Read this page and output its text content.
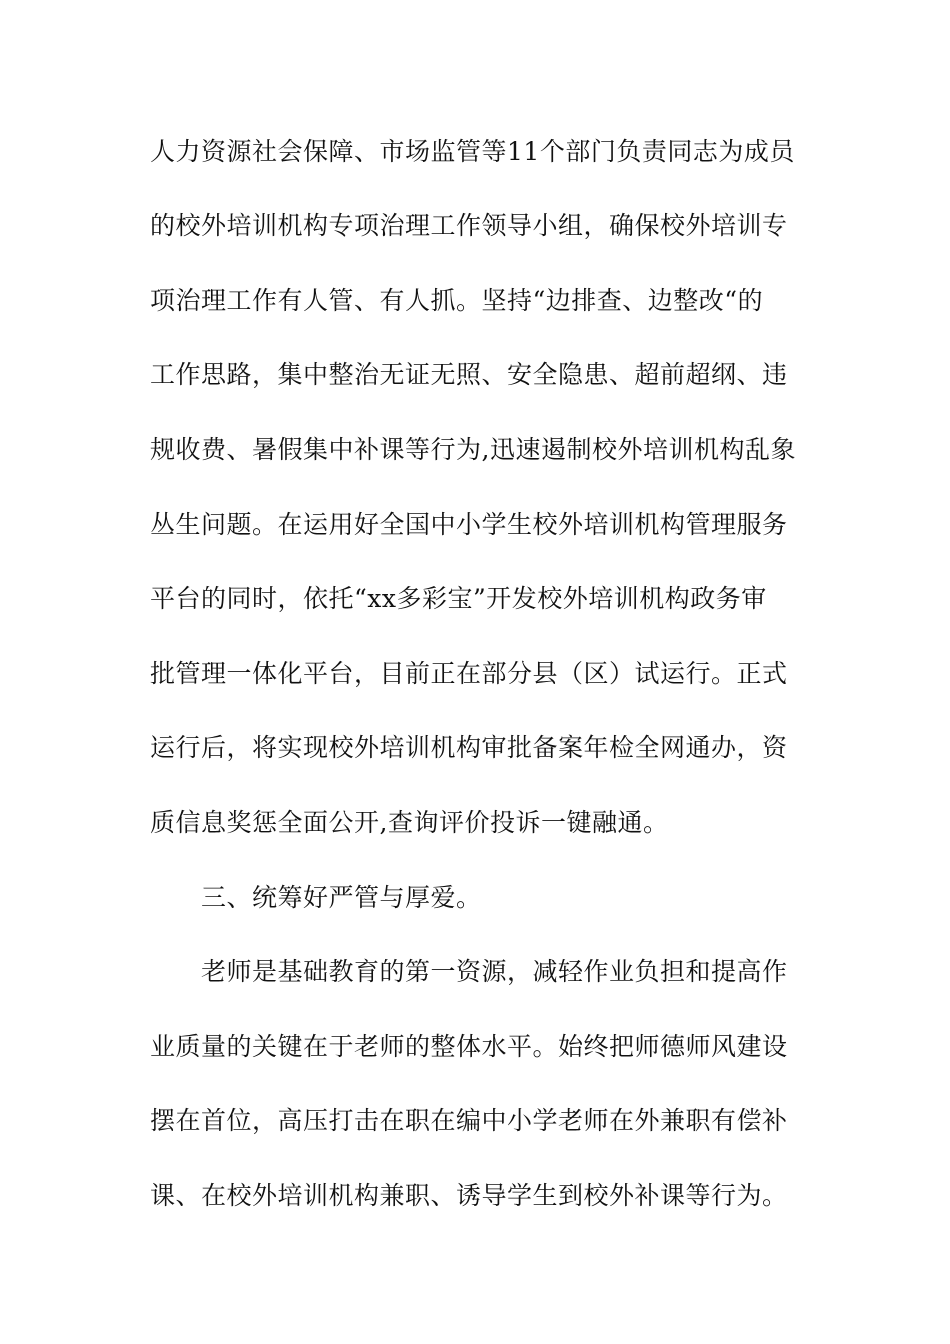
人力资源社会保障、市场监管等11个部门负责同志为成员
的校外培训机构专项治理工作领导小组，确保校外培训专
项治理工作有人管、有人抓。坚持“边排查、边整改“的
工作思路，集中整治无证无照、安全隐患、超前超纲、违
规收费、暑假集中补课等行为,迅速遏制校外培训机构乱象
丛生问题。在运用好全国中小学生校外培训机构管理服务
平台的同时，依托“xx多彩宝”开发校外培训机构政务审
批管理一体化平台，目前正在部分县（区）试运行。正式
运行后，将实现校外培训机构审批备案年检全网通办，资
质信息奖惩全面公开,查询评价投诉一键融通。
三、统筹好严管与厚爱。
老师是基础教育的第一资源，减轻作业负担和提高作
业质量的关键在于老师的整体水平。始终把师德师风建设
摆在首位，高压打击在职在编中小学老师在外兼职有偿补
课、在校外培训机构兼职、诱导学生到校外补课等行为。
